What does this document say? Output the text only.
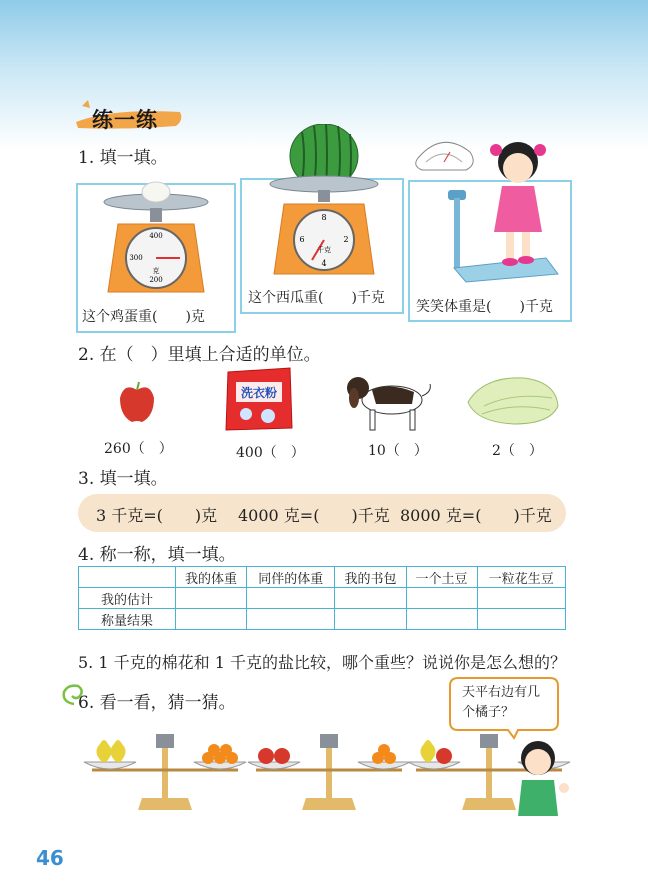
练一练
1. 填一填。
400
300
200
克
这个鸡蛋重(　　)克
8
2
6
4
千克
这个西瓜重(　　)千克
笑笑体重是(　　)千克
2. 在（　）里填上合适的单位。
260（　）
洗衣粉
400（　）	10（　）	2（　）
3. 填一填。
3 千克=(　　)克 4000 克=(　　)千克 8000 克=(　　)千克
4. 称一称，填一填。
	我的体重	同伴的体重	我的书包	一个土豆	一粒花生豆
我的估计					
称量结果					
5. 1 千克的棉花和 1 千克的盐比较，哪个重些？说说你是怎么想的？
6. 看一看，猜一猜。
天平右边有几
个橘子？
46
